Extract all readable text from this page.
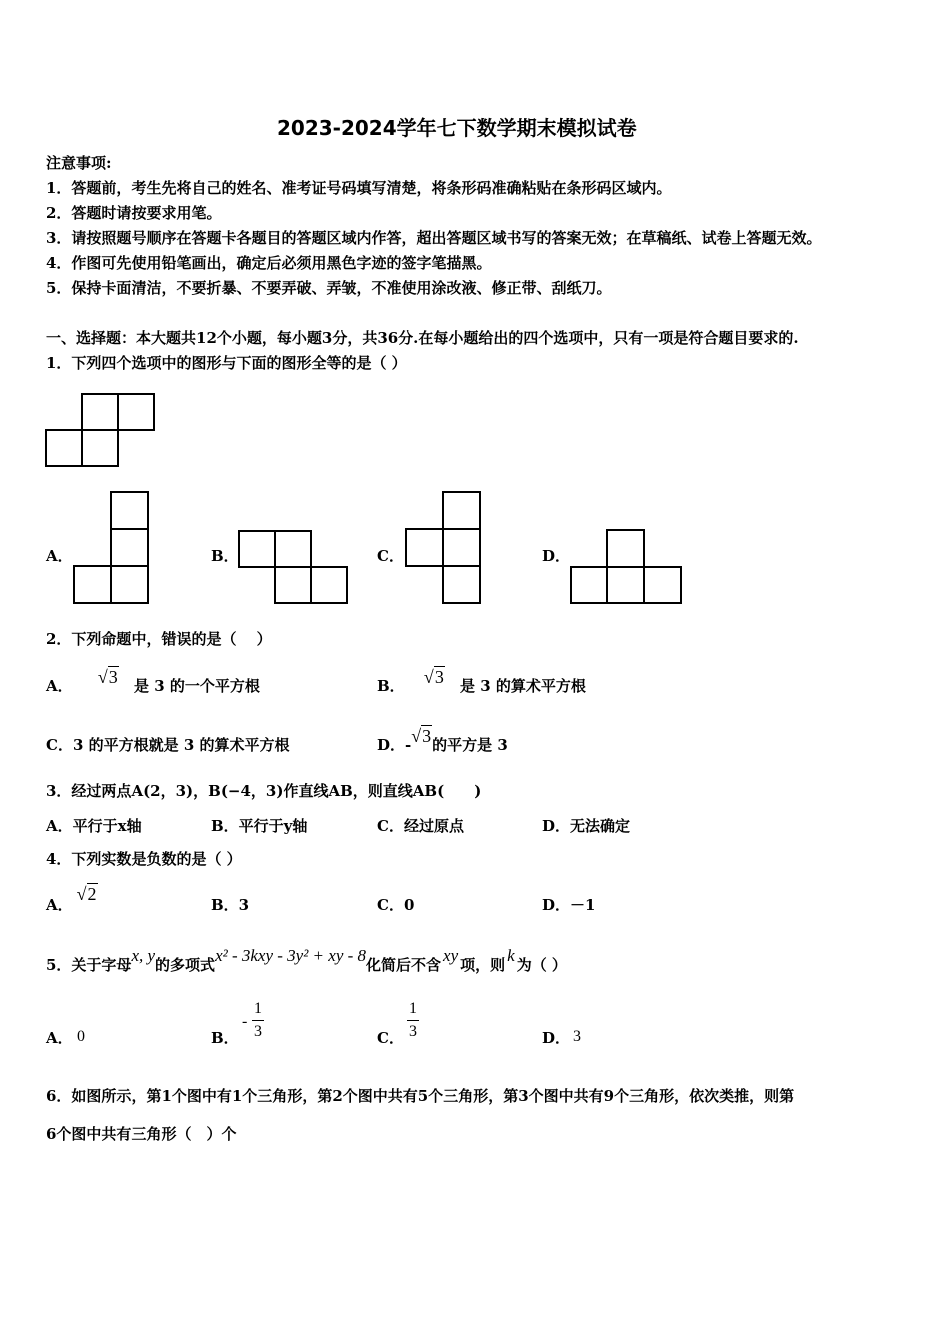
2023-2024学年七下数学期末模拟试卷
注意事项:
1．答题前，考生先将自己的姓名、准考证号码填写清楚，将条形码准确粘贴在条形码区域内。
2．答题时请按要求用笔。
3．请按照题号顺序在答题卡各题目的答题区域内作答，超出答题区域书写的答案无效；在草稿纸、试卷上答题无效。
4．作图可先使用铅笔画出，确定后必须用黑色字迹的签字笔描黑。
5．保持卡面清洁，不要折暴、不要弄破、弄皱，不准使用涂改液、修正带、刮纸刀。
一、选择题：本大题共12个小题，每小题3分，共36分.在每小题给出的四个选项中，只有一项是符合题目要求的.
1．下列四个选项中的图形与下面的图形全等的是（ ）
A．	B．	C．	D．
2．下列命题中，错误的是（　 ）
A． √3 是 3 的一个平方根	B． √3 是 3 的算术平方根
C．3 的平方根就是 3 的算术平方根	D．-√3的平方是 3
3．经过两点A(2，3)，B(−4，3)作直线AB，则直线AB(　　)
A．平行于x轴	B．平行于y轴	C．经过原点	D．无法确定
4．下列实数是负数的是（ ）
A．√2
B．3	C．0	D．－1
5．关于字母x, y的多项式x² - 3kxy - 3y² + xy - 8化简后不含 xy 项，则 k 为（ ）
A． 0	B．
-
1
3	C．
1
3	D． 3
6．如图所示，第1个图中有1个三角形，第2个图中共有5个三角形，第3个图中共有9个三角形，依次类推，则第
6个图中共有三角形（　）个
